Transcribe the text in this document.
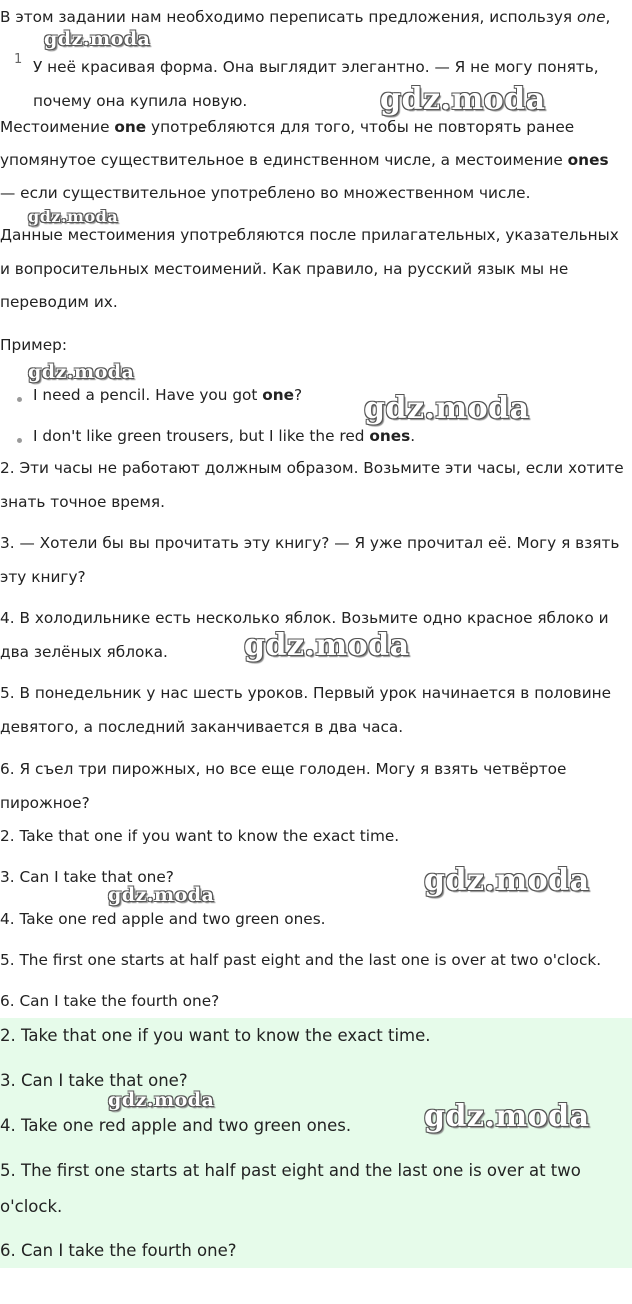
В этом задании нам необходимо переписать предложения, используя one,

1 У неё красивая форма. Она выглядит элегантно. — Я не могу понять, почему она купила новую.

Местоимение one употребляются для того, чтобы не повторять ранее упомянутое существительное в единственном числе, а местоимение ones — если существительное употреблено во множественном числе.

Данные местоимения употребляются после прилагательных, указательных и вопросительных местоимений. Как правило, на русский язык мы не переводим их.

Пример:

I need a pencil. Have you got one?
I don't like green trousers, but I like the red ones.

2. Эти часы не работают должным образом. Возьмите эти часы, если хотите знать точное время.

3. — Хотели бы вы прочитать эту книгу? — Я уже прочитал её. Могу я взять эту книгу?

4. В холодильнике есть несколько яблок. Возьмите одно красное яблоко и два зелёных яблока.

5. В понедельник у нас шесть уроков. Первый урок начинается в половине девятого, а последний заканчивается в два часа.

6. Я съел три пирожных, но все еще голоден. Могу я взять четвёртое пирожное?

2. Take that one if you want to know the exact time.

3. Can I take that one?

4. Take one red apple and two green ones.

5. The first one starts at half past eight and the last one is over at two o'clock.

6. Can I take the fourth one?

2. Take that one if you want to know the exact time.

3. Can I take that one?

4. Take one red apple and two green ones.

5. The first one starts at half past eight and the last one is over at two o'clock.

6. Can I take the fourth one?

gdz.moda
gdz.moda
gdz.moda
gdz.moda
gdz.moda
gdz.moda
gdz.moda
gdz.moda
gdz.moda	gdz.moda
